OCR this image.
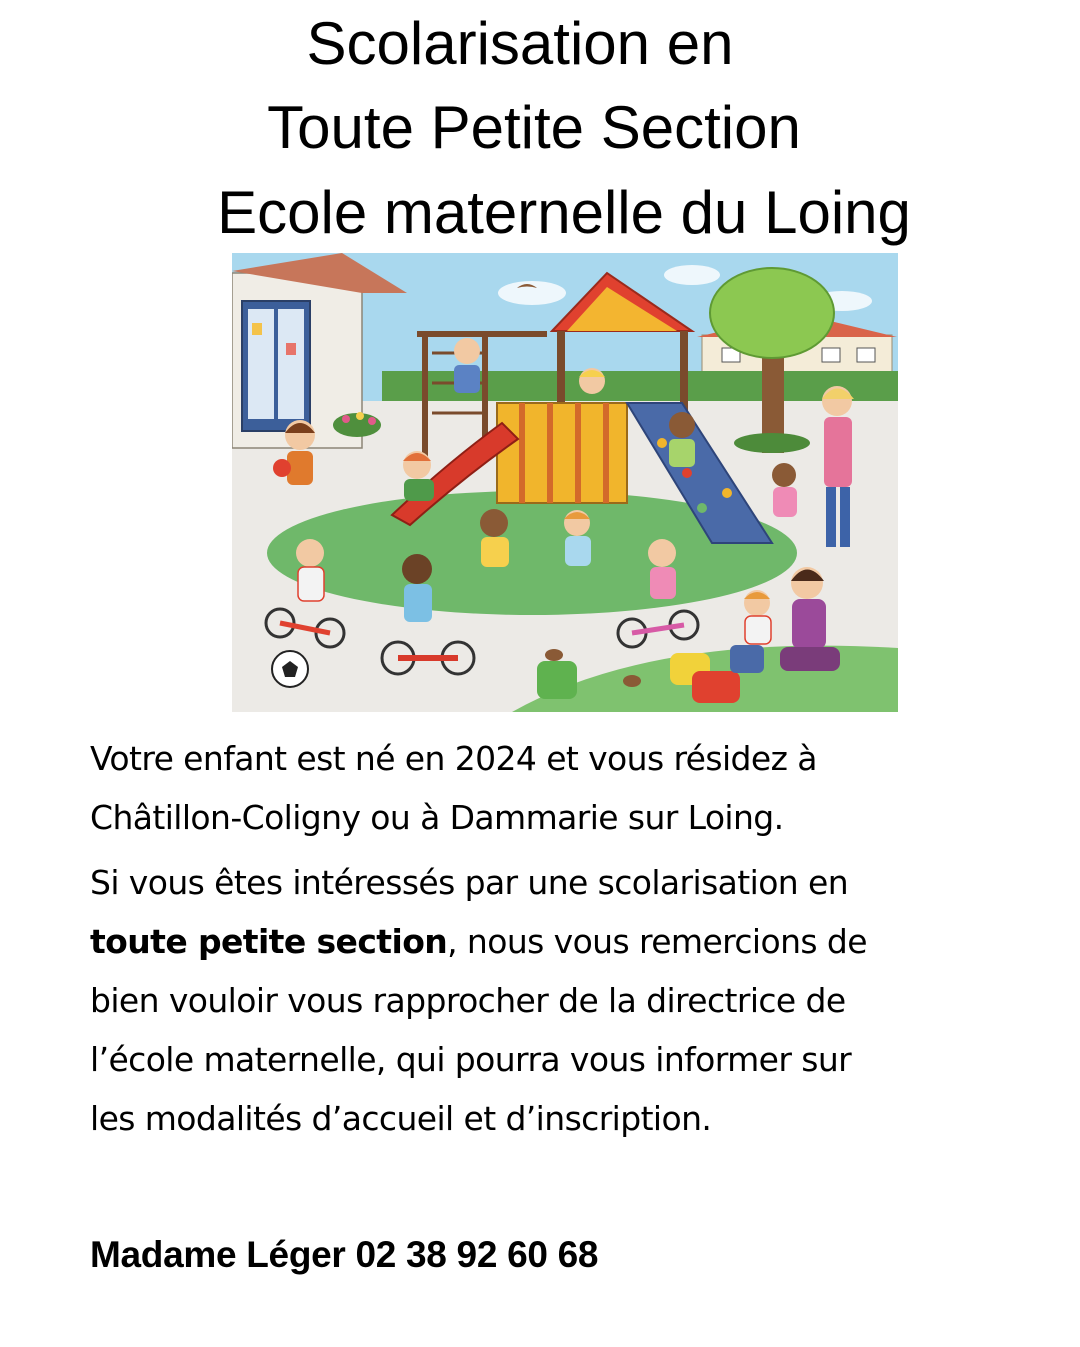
Scolarisation en
Toute Petite Section
Ecole maternelle du Loing

Votre enfant est né en 2024 et vous résidez à

Châtillon-Coligny ou à Dammarie sur Loing.

Si vous êtes intéressés par une scolarisation en

toute petite section, nous vous remercions de

bien vouloir vous rapprocher de la directrice de

l’école maternelle, qui pourra vous informer sur

les modalités d’accueil et d’inscription.

Madame Léger 02 38 92 60 68
